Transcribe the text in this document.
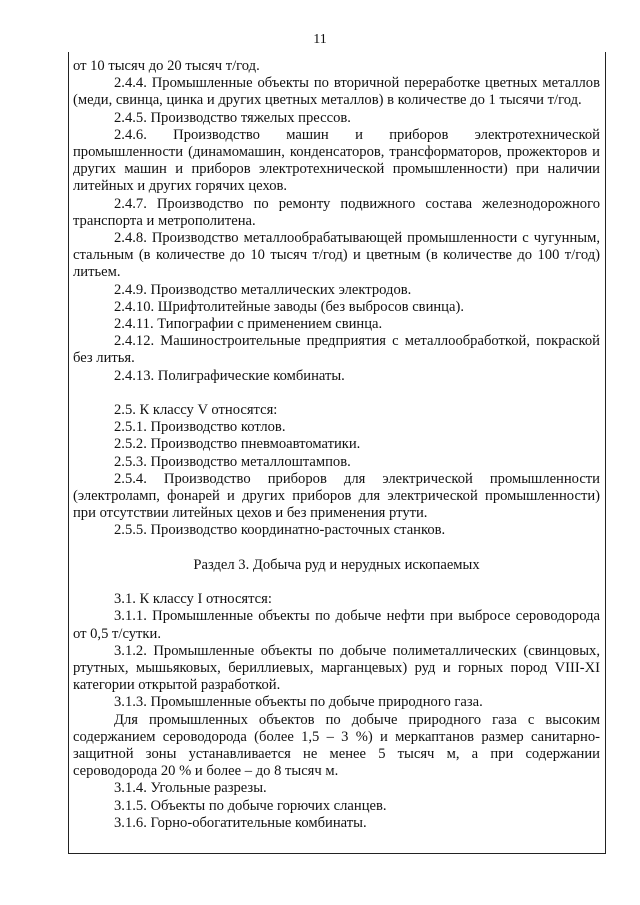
11

от 10 тысяч до 20 тысяч т/год.

2.4.4. Промышленные объекты по вторичной переработке цветных металлов (меди, свинца, цинка и других цветных металлов) в количестве до 1 тысячи т/год.

2.4.5. Производство тяжелых прессов.

2.4.6. Производство машин и приборов электротехнической промышленности (динамомашин, конденсаторов, трансформаторов, прожекторов и других машин и приборов электротехнической промышленности) при наличии литейных и других горячих цехов.

2.4.7. Производство по ремонту подвижного состава железнодорожного транспорта и метрополитена.

2.4.8. Производство металлообрабатывающей промышленности с чугунным, стальным (в количестве до 10 тысяч т/год) и цветным (в количестве до 100 т/год) литьем.

2.4.9. Производство металлических электродов.

2.4.10. Шрифтолитейные заводы (без выбросов свинца).

2.4.11. Типографии с применением свинца.

2.4.12. Машиностроительные предприятия с металлообработкой, покраской без литья.

2.4.13. Полиграфические комбинаты.

2.5. К классу V относятся:

2.5.1. Производство котлов.

2.5.2. Производство пневмоавтоматики.

2.5.3. Производство металлоштампов.

2.5.4. Производство приборов для электрической промышленности (электроламп, фонарей и других приборов для электрической промышленности) при отсутствии литейных цехов и без применения ртути.

2.5.5. Производство координатно-расточных станков.

Раздел 3. Добыча руд и нерудных ископаемых

3.1. К классу I относятся:

3.1.1. Промышленные объекты по добыче нефти при выбросе сероводорода от 0,5 т/сутки.

3.1.2. Промышленные объекты по добыче полиметаллических (свинцовых, ртутных, мышьяковых, бериллиевых, марганцевых) руд и горных пород VIII-XI категории открытой разработкой.

3.1.3. Промышленные объекты по добыче природного газа.

Для промышленных объектов по добыче природного газа с высоким содержанием сероводорода (более 1,5 – 3 %) и меркаптанов размер санитарно-защитной зоны устанавливается не менее 5 тысяч м, а при содержании сероводорода 20 % и более – до 8 тысяч м.

3.1.4. Угольные разрезы.

3.1.5. Объекты по добыче горючих сланцев.

3.1.6. Горно-обогатительные комбинаты.
